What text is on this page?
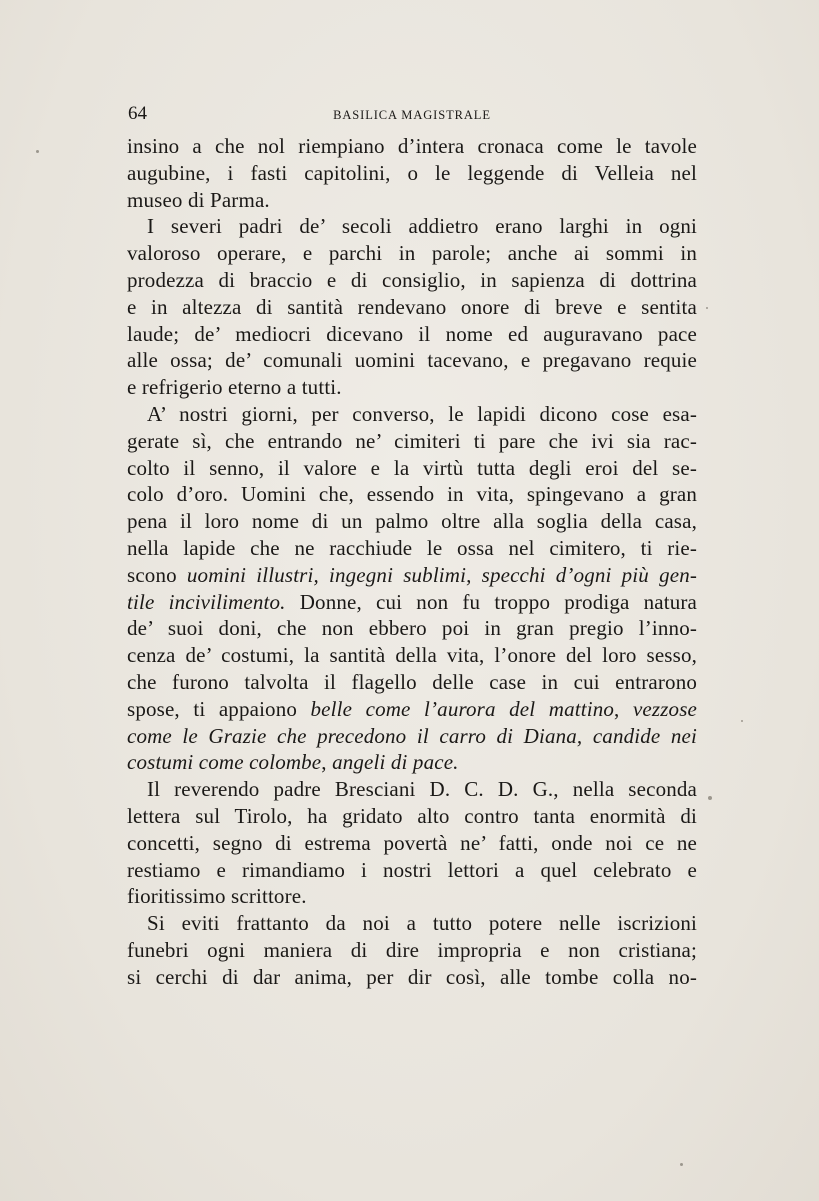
64	BASILICA MAGISTRALE
insino a che nol riempiano d’intera cronaca come le tavole
augubine, i fasti capitolini, o le leggende di Velleia nel
museo di Parma.
I severi padri de’ secoli addietro erano larghi in ogni
valoroso operare, e parchi in parole; anche ai sommi in
prodezza di braccio e di consiglio, in sapienza di dottrina
e in altezza di santità rendevano onore di breve e sentita
laude; de’ mediocri dicevano il nome ed auguravano pace
alle ossa; de’ comunali uomini tacevano, e pregavano requie
e refrigerio eterno a tutti.
A’ nostri giorni, per converso, le lapidi dicono cose esa-
gerate sì, che entrando ne’ cimiteri ti pare che ivi sia rac-
colto il senno, il valore e la virtù tutta degli eroi del se-
colo d’oro. Uomini che, essendo in vita, spingevano a gran
pena il loro nome di un palmo oltre alla soglia della casa,
nella lapide che ne racchiude le ossa nel cimitero, ti rie-
scono uomini illustri, ingegni sublimi, specchi d’ogni più gen-
tile incivilimento. Donne, cui non fu troppo prodiga natura
de’ suoi doni, che non ebbero poi in gran pregio l’inno-
cenza de’ costumi, la santità della vita, l’onore del loro sesso,
che furono talvolta il flagello delle case in cui entrarono
spose, ti appaiono belle come l’aurora del mattino, vezzose
come le Grazie che precedono il carro di Diana, candide nei
costumi come colombe, angeli di pace.
Il reverendo padre Bresciani D. C. D. G., nella seconda
lettera sul Tirolo, ha gridato alto contro tanta enormità di
concetti, segno di estrema povertà ne’ fatti, onde noi ce ne
restiamo e rimandiamo i nostri lettori a quel celebrato e
fioritissimo scrittore.
Si eviti frattanto da noi a tutto potere nelle iscrizioni
funebri ogni maniera di dire impropria e non cristiana;
si cerchi di dar anima, per dir così, alle tombe colla no-
